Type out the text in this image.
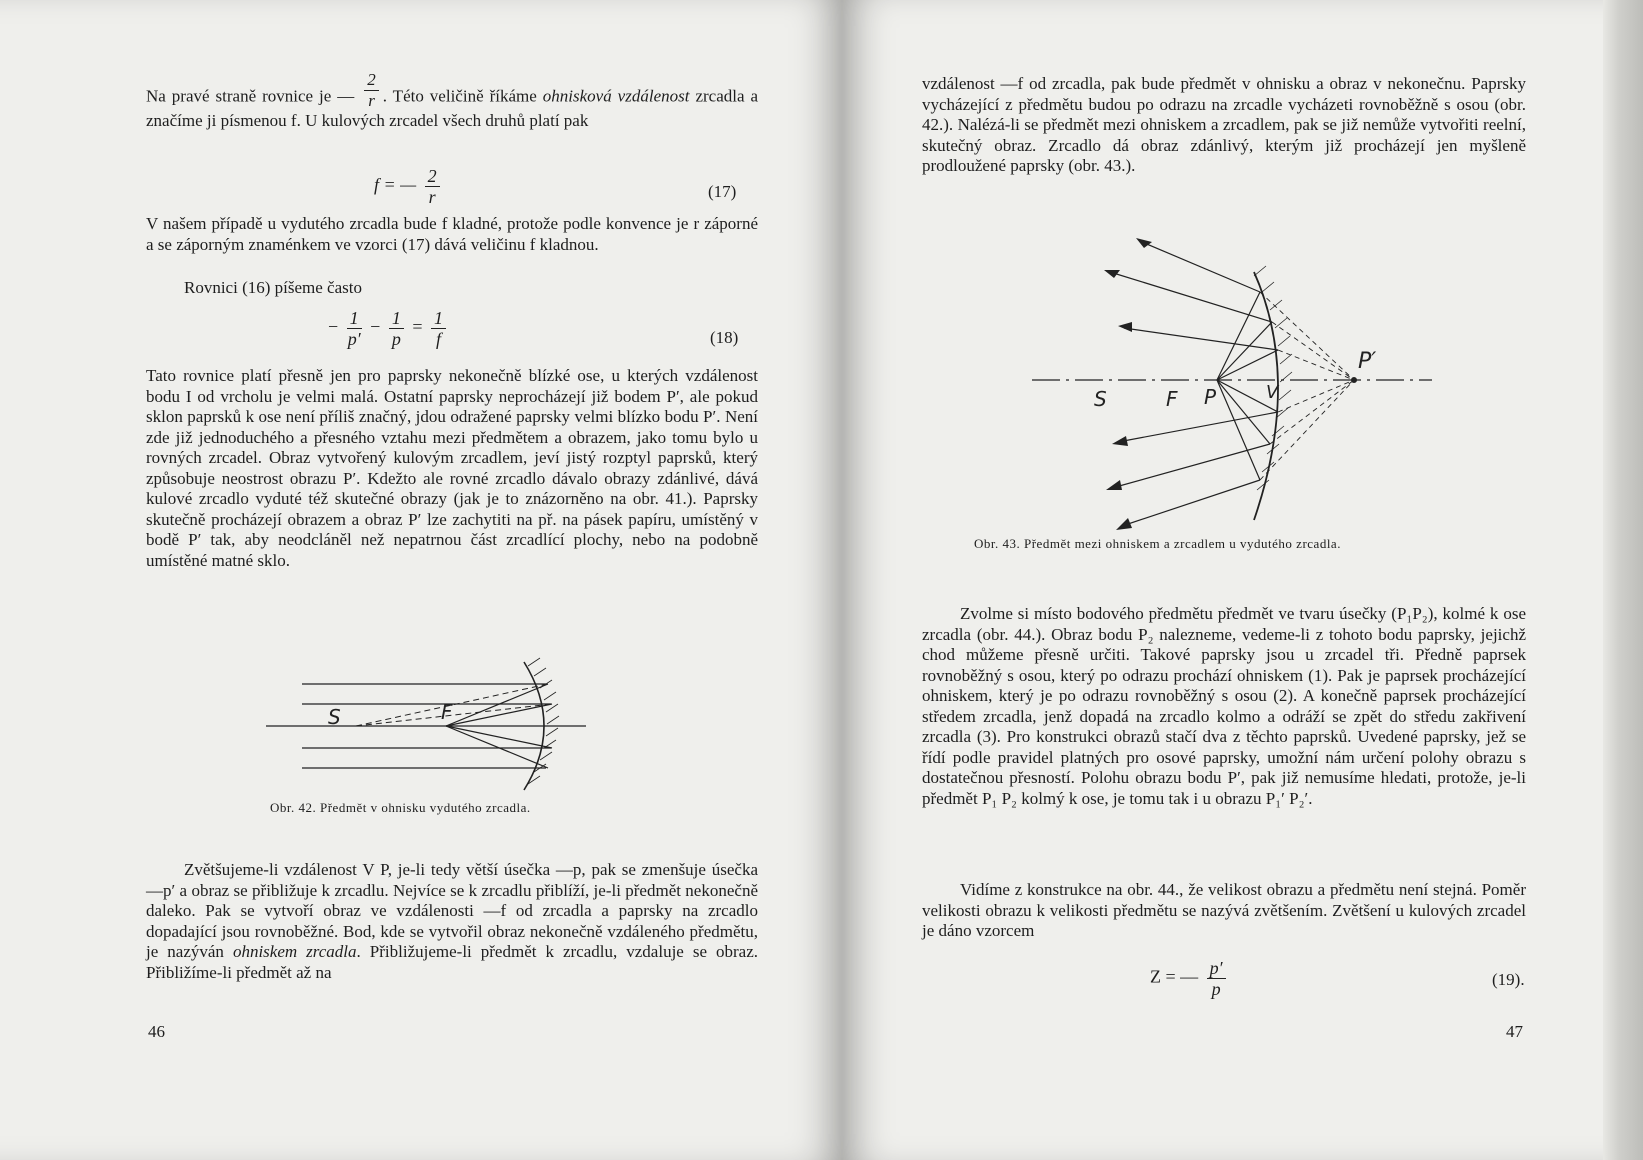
Na pravé straně rovnice je — $\frac{2}{r}$ . Této veličině říkáme ohnisková vzdálenost zrcadla a značíme ji písmenou f. U kulových zrcadel všech druhů platí pak

f = — $\frac{2}{r}$	(17)

V našem případě u vydutého zrcadla bude f kladné, protože podle konvence je r záporné a se záporným znaménkem ve vzorci (17) dává veličinu f kladnou.

Rovnici (16) píšeme často

− $\frac{1}{p'} - \frac{1}{p} = \frac{1}{f}$	(18)

Tato rovnice platí přesně jen pro paprsky nekonečně blízké ose, u kterých vzdálenost bodu I od vrcholu je velmi malá. Ostatní paprsky neprocházejí již bodem P′, ale pokud sklon paprsků k ose není příliš značný, jdou odražené paprsky velmi blízko bodu P′. Není zde již jednoduchého a přesného vztahu mezi předmětem a obrazem, jako tomu bylo u rovných zrcadel. Obraz vytvořený kulovým zrcadlem, jeví jistý rozptyl paprsků, který způsobuje neostrost obrazu P′. Kdežto ale rovné zrcadlo dávalo obrazy zdánlivé, dává kulové zrcadlo vyduté též skutečné obrazy (jak je to znázorněno na obr. 41.). Paprsky skutečně procházejí obrazem a obraz P′ lze zachytiti na př. na pásek papíru, umístěný v bodě P′ tak, aby neodcláněl než nepatrnou část zrcadlící plochy, nebo na podobně umístěné matné sklo.

S	F
Obr. 42. Předmět v ohnisku vydutého zrcadla.

Zvětšujeme-li vzdálenost V P, je-li tedy větší úsečka —p, pak se zmenšuje úsečka —p′ a obraz se přibližuje k zrcadlu. Nejvíce se k zrcadlu přiblíží, je-li předmět nekonečně daleko. Pak se vytvoří obraz ve vzdálenosti —f od zrcadla a paprsky na zrcadlo dopadající jsou rovnoběžné. Bod, kde se vytvořil obraz nekonečně vzdáleného předmětu, je nazýván ohniskem zrcadla. Přibližujeme-li předmět k zrcadlu, vzdaluje se obraz. Přibližíme-li předmět až na

46

vzdálenost —f od zrcadla, pak bude předmět v ohnisku a obraz v nekonečnu. Paprsky vycházející z předmětu budou po odrazu na zrcadle vycházeti rovnoběžně s osou (obr. 42.). Nalézá-li se předmět mezi ohniskem a zrcadlem, pak se již nemůže vytvořiti reelní, skutečný obraz. Zrcadlo dá obraz zdánlivý, kterým již procházejí jen myšleně prodloužené paprsky (obr. 43.).

S	F P	V
P′
Obr. 43. Předmět mezi ohniskem a zrcadlem u vydutého zrcadla.

Zvolme si místo bodového předmětu předmět ve tvaru úsečky (P₁P₂), kolmé k ose zrcadla (obr. 44.). Obraz bodu P₂ nalezneme, vedeme-li z tohoto bodu paprsky, jejichž chod můžeme přesně určiti. Takové paprsky jsou u zrcadel tři. Předně paprsek rovnoběžný s osou, který po odrazu prochází ohniskem (1). Pak je paprsek procházející ohniskem, který je po odrazu rovnoběžný s osou (2). A konečně paprsek procházející středem zrcadla, jenž dopadá na zrcadlo kolmo a odráží se zpět do středu zakřivení zrcadla (3). Pro konstrukci obrazů stačí dva z těchto paprsků. Uvedené paprsky, jež se řídí podle pravidel platných pro osové paprsky, umožní nám určení polohy obrazu s dostatečnou přesností. Polohu obrazu bodu P′, pak již nemusíme hledati, protože, je-li předmět P₁ P₂ kolmý k ose, je tomu tak i u obrazu P₁′ P₂′.

Vidíme z konstrukce na obr. 44., že velikost obrazu a předmětu není stejná. Poměr velikosti obrazu k velikosti předmětu se nazývá zvětšením. Zvětšení u kulových zrcadel je dáno vzorcem

Z = — $\frac{p'}{p}$	(19).
47
